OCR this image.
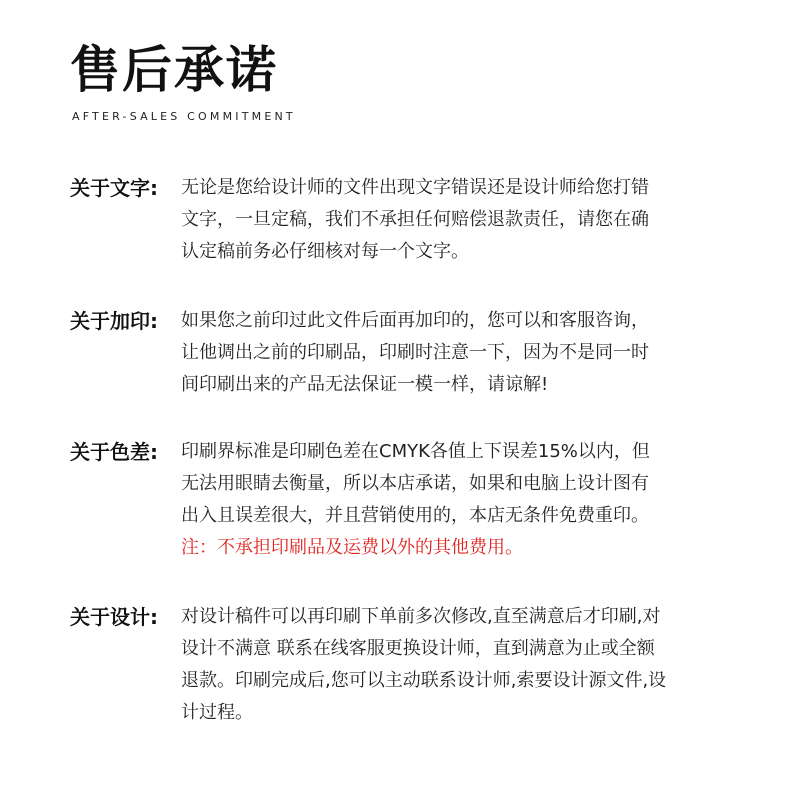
售后承诺
AFTER-SALES COMMITMENT
关于文字: 无论是您给设计师的文件出现文字错误还是设计师给您打错
文字，一旦定稿，我们不承担任何赔偿退款责任，请您在确
认定稿前务必仔细核对每一个文字。
关于加印: 如果您之前印过此文件后面再加印的，您可以和客服咨询，
让他调出之前的印刷品，印刷时注意一下，因为不是同一时
间印刷出来的产品无法保证一模一样，请谅解!
关于色差: 印刷界标准是印刷色差在CMYK各值上下误差15%以内，但
无法用眼睛去衡量，所以本店承诺，如果和电脑上设计图有
出入且误差很大，并且营销使用的，本店无条件免费重印。
注：不承担印刷品及运费以外的其他费用。
关于设计: 对设计稿件可以再印刷下单前多次修改,直至满意后才印刷,对
设计不满意 联系在线客服更换设计师，直到满意为止或全额
退款。印刷完成后,您可以主动联系设计师,索要设计源文件,设
计过程。
